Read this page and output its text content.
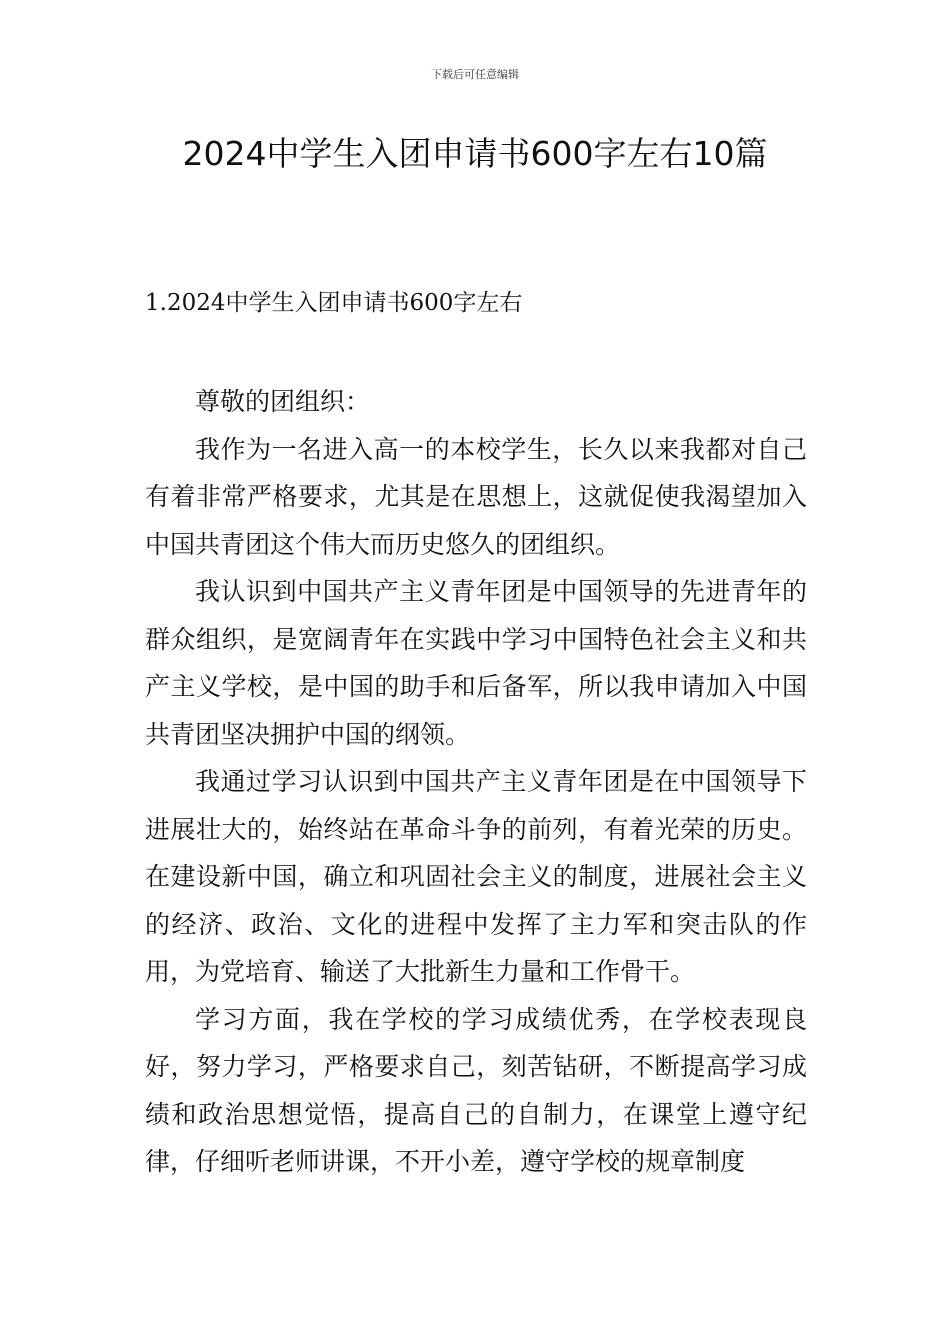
下载后可任意编辑
2024中学生入团申请书600字左右10篇
1.2024中学生入团申请书600字左右

尊敬的团组织：

我作为一名进入高一的本校学生，长久以来我都对自己有着非常严格要求，尤其是在思想上，这就促使我渴望加入中国共青团这个伟大而历史悠久的团组织。

我认识到中国共产主义青年团是中国领导的先进青年的群众组织，是宽阔青年在实践中学习中国特色社会主义和共产主义学校，是中国的助手和后备军，所以我申请加入中国共青团坚决拥护中国的纲领。

我通过学习认识到中国共产主义青年团是在中国领导下进展壮大的，始终站在革命斗争的前列，有着光荣的历史。在建设新中国，确立和巩固社会主义的制度，进展社会主义的经济、政治、文化的进程中发挥了主力军和突击队的作用，为党培育、输送了大批新生力量和工作骨干。

学习方面，我在学校的学习成绩优秀，在学校表现良好，努力学习，严格要求自己，刻苦钻研，不断提高学习成绩和政治思想觉悟，提高自己的自制力，在课堂上遵守纪律，仔细听老师讲课，不开小差，遵守学校的规章制度
